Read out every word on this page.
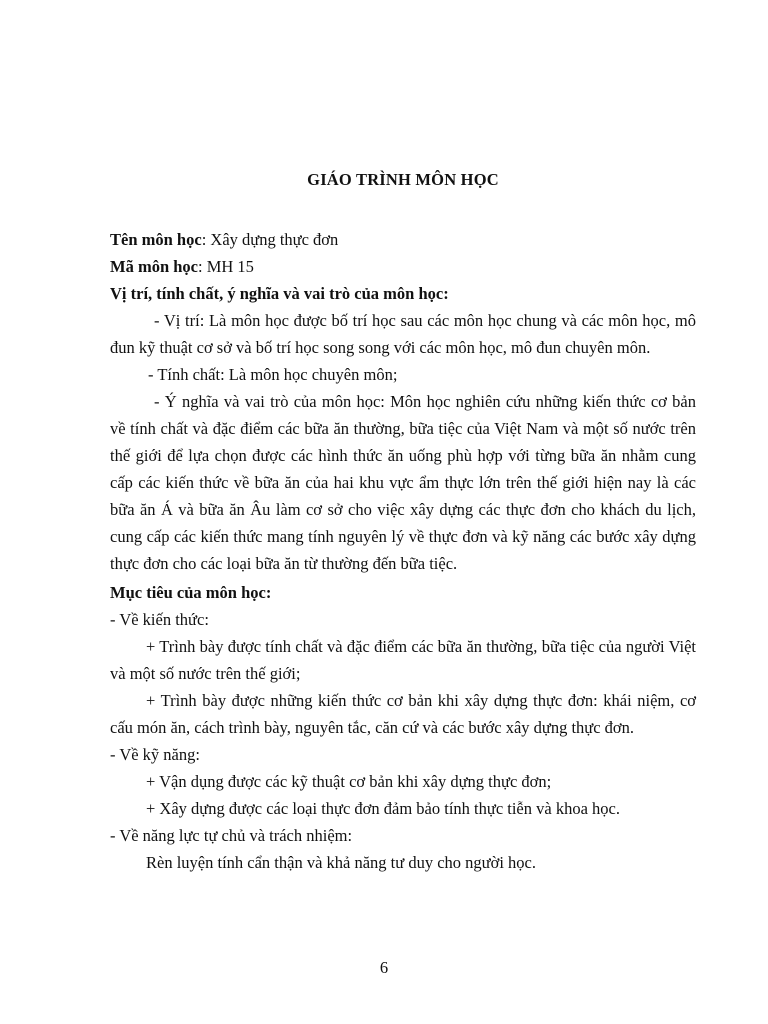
GIÁO TRÌNH MÔN HỌC

Tên môn học: Xây dựng thực đơn

Mã môn học: MH 15

Vị trí, tính chất, ý nghĩa và vai trò của môn học:

- Vị trí: Là môn học được bố trí học sau các môn học chung và các môn học, mô đun kỹ thuật cơ sở và bố trí học song song với các môn học, mô đun chuyên môn.

- Tính chất: Là môn học chuyên môn;

- Ý nghĩa và vai trò của môn học: Môn học nghiên cứu những kiến thức cơ bản về tính chất và đặc điểm các bữa ăn thường, bữa tiệc của Việt Nam và một số nước trên thế giới để lựa chọn được các hình thức ăn uống phù hợp với từng bữa ăn nhằm cung cấp các kiến thức về bữa ăn của hai khu vực ẩm thực lớn trên thế giới hiện nay là các bữa ăn Á và bữa ăn Âu làm cơ sở cho việc xây dựng các thực đơn cho khách du lịch, cung cấp các kiến thức mang tính nguyên lý về thực đơn và kỹ năng các bước xây dựng thực đơn cho các loại bữa ăn từ thường đến bữa tiệc.

Mục tiêu của môn học:

- Về kiến thức:

+ Trình bày được tính chất và đặc điểm các bữa ăn thường, bữa tiệc của người Việt và một số nước trên thế giới;

+ Trình bày được những kiến thức cơ bản khi xây dựng thực đơn: khái niệm, cơ cấu món ăn, cách trình bày, nguyên tắc, căn cứ và các bước xây dựng thực đơn.

- Về kỹ năng:

+ Vận dụng được các kỹ thuật cơ bản khi xây dựng thực đơn;

+ Xây dựng được các loại thực đơn đảm bảo tính thực tiễn và khoa học.

- Về năng lực tự chủ và trách nhiệm:

Rèn luyện tính cẩn thận và khả năng tư duy cho người học.

6
